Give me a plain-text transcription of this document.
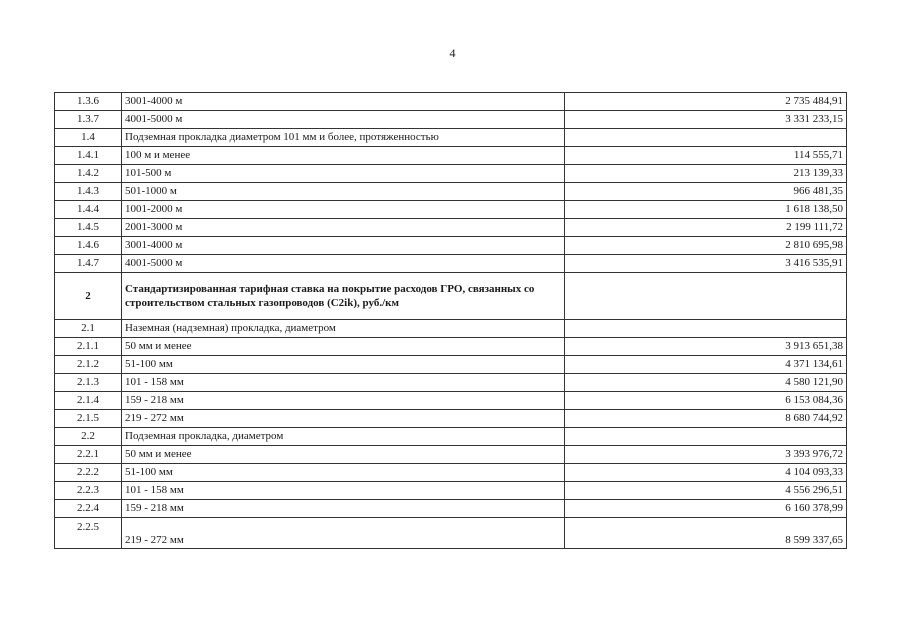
4
1.3.6	3001-4000 м	2 735 484,91
1.3.7	4001-5000 м	3 331 233,15
1.4	Подземная прокладка диаметром 101 мм и более, протяженностью	
1.4.1	100 м и менее	114 555,71
1.4.2	101-500 м	213 139,33
1.4.3	501-1000 м	966 481,35
1.4.4	1001-2000 м	1 618 138,50
1.4.5	2001-3000 м	2 199 111,72
1.4.6	3001-4000 м	2 810 695,98
1.4.7	4001-5000 м	3 416 535,91
2	Стандартизированная тарифная ставка на покрытие расходов ГРО, связанных со строительством стальных газопроводов (C2ik), руб./км	
2.1	Наземная (надземная) прокладка, диаметром	
2.1.1	50 мм и менее	3 913 651,38
2.1.2	51-100 мм	4 371 134,61
2.1.3	101 - 158 мм	4 580 121,90
2.1.4	159 - 218 мм	6 153 084,36
2.1.5	219 - 272 мм	8 680 744,92
2.2	Подземная прокладка, диаметром	
2.2.1	50 мм и менее	3 393 976,72
2.2.2	51-100 мм	4 104 093,33
2.2.3	101 - 158 мм	4 556 296,51
2.2.4	159 - 218 мм	6 160 378,99
2.2.5	219 - 272 мм	8 599 337,65
